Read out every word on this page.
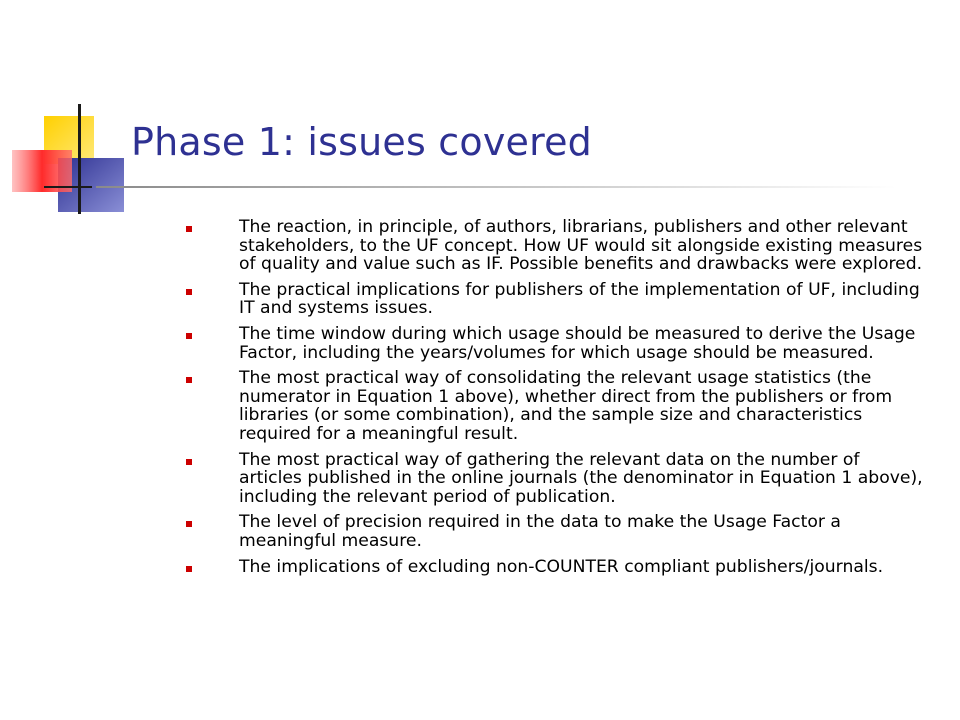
Phase 1: issues covered
The reaction, in principle, of authors, librarians, publishers and other relevant stakeholders, to the UF concept. How UF would sit alongside existing measures of quality and value such as IF. Possible benefits and drawbacks were explored.
The practical implications for publishers of the implementation of UF, including IT and systems issues.
The time window during which usage should be measured to derive the Usage Factor, including the years/volumes for which usage should be measured.
The most practical way of consolidating the relevant usage statistics (the numerator in Equation 1 above), whether direct from the publishers or from libraries (or some combination), and the sample size and characteristics required for a meaningful result.
The most practical way of gathering the relevant data on the number of articles published in the online journals (the denominator in Equation 1 above), including the relevant period of publication.
The level of precision required in the data to make the Usage Factor a meaningful measure.
The implications of excluding non-COUNTER compliant publishers/journals.
